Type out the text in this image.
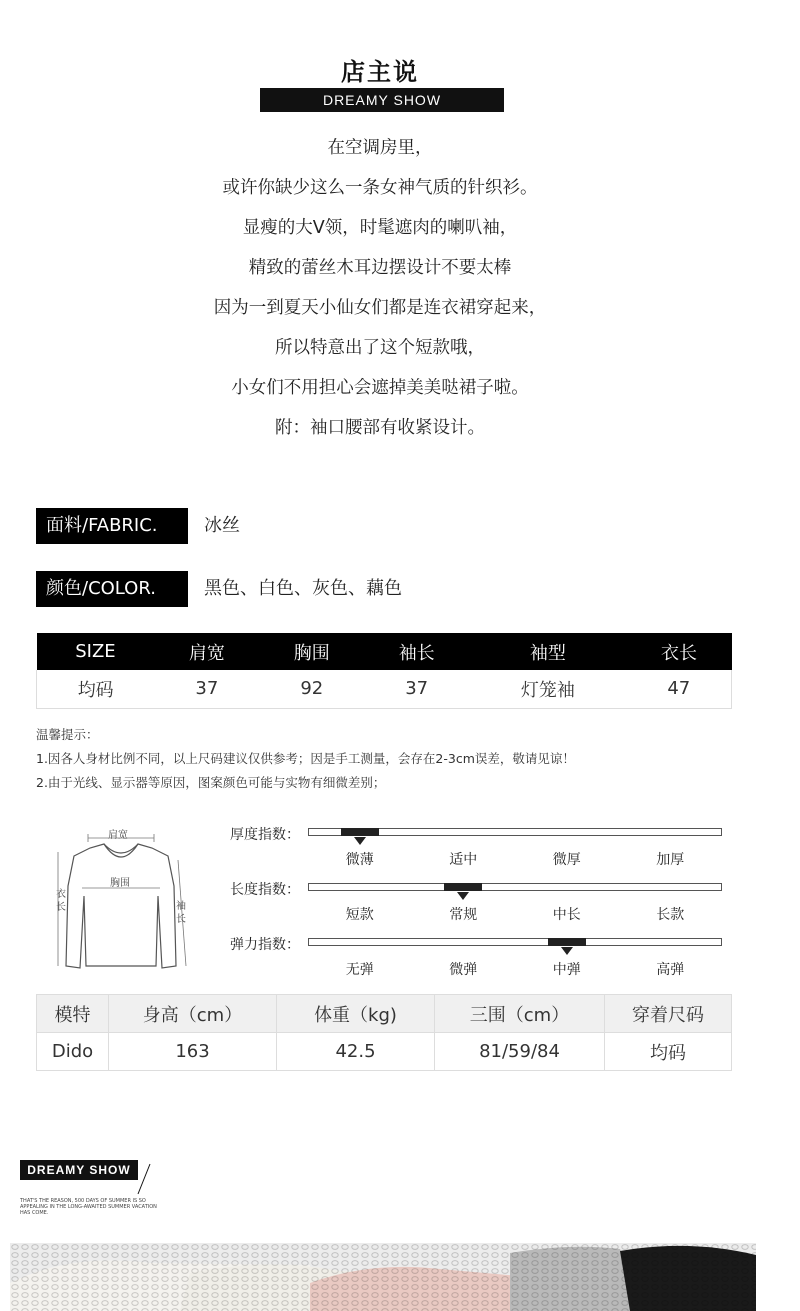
店主说
DREAMY SHOW
在空调房里，
或许你缺少这么一条女神气质的针织衫。
显瘦的大V领，时髦遮肉的喇叭袖，
精致的蕾丝木耳边摆设计不要太棒
因为一到夏天小仙女们都是连衣裙穿起来，
所以特意出了这个短款哦，
小女们不用担心会遮掉美美哒裙子啦。
附：袖口腰部有收紧设计。
面料/FABRIC.	冰丝
颜色/COLOR.	黑色、白色、灰色、藕色
SIZE	肩宽	胸围	袖长	袖型	衣长
均码	37	92	37	灯笼袖	47
温馨提示：
1.因各人身材比例不同，以上尺码建议仅供参考；因是手工测量，会存在2-3cm误差，敬请见谅！
2.由于光线、显示器等原因，图案颜色可能与实物有细微差别；
肩宽
胸围
衣长	袖长
厚度指数：
微薄	适中	微厚	加厚
长度指数：
短款	常规	中长	长款
弹力指数：
无弹	微弹	中弹	高弹
模特	身高（cm）	体重（kg)	三围（cm）	穿着尺码
Dido	163	42.5	81/59/84	均码
DREAMY SHOW
THAT'S THE REASON, 500 DAYS OF SUMMER IS SO APPEALING IN THE LONG-AWAITED SUMMER VACATION HAS COME.
